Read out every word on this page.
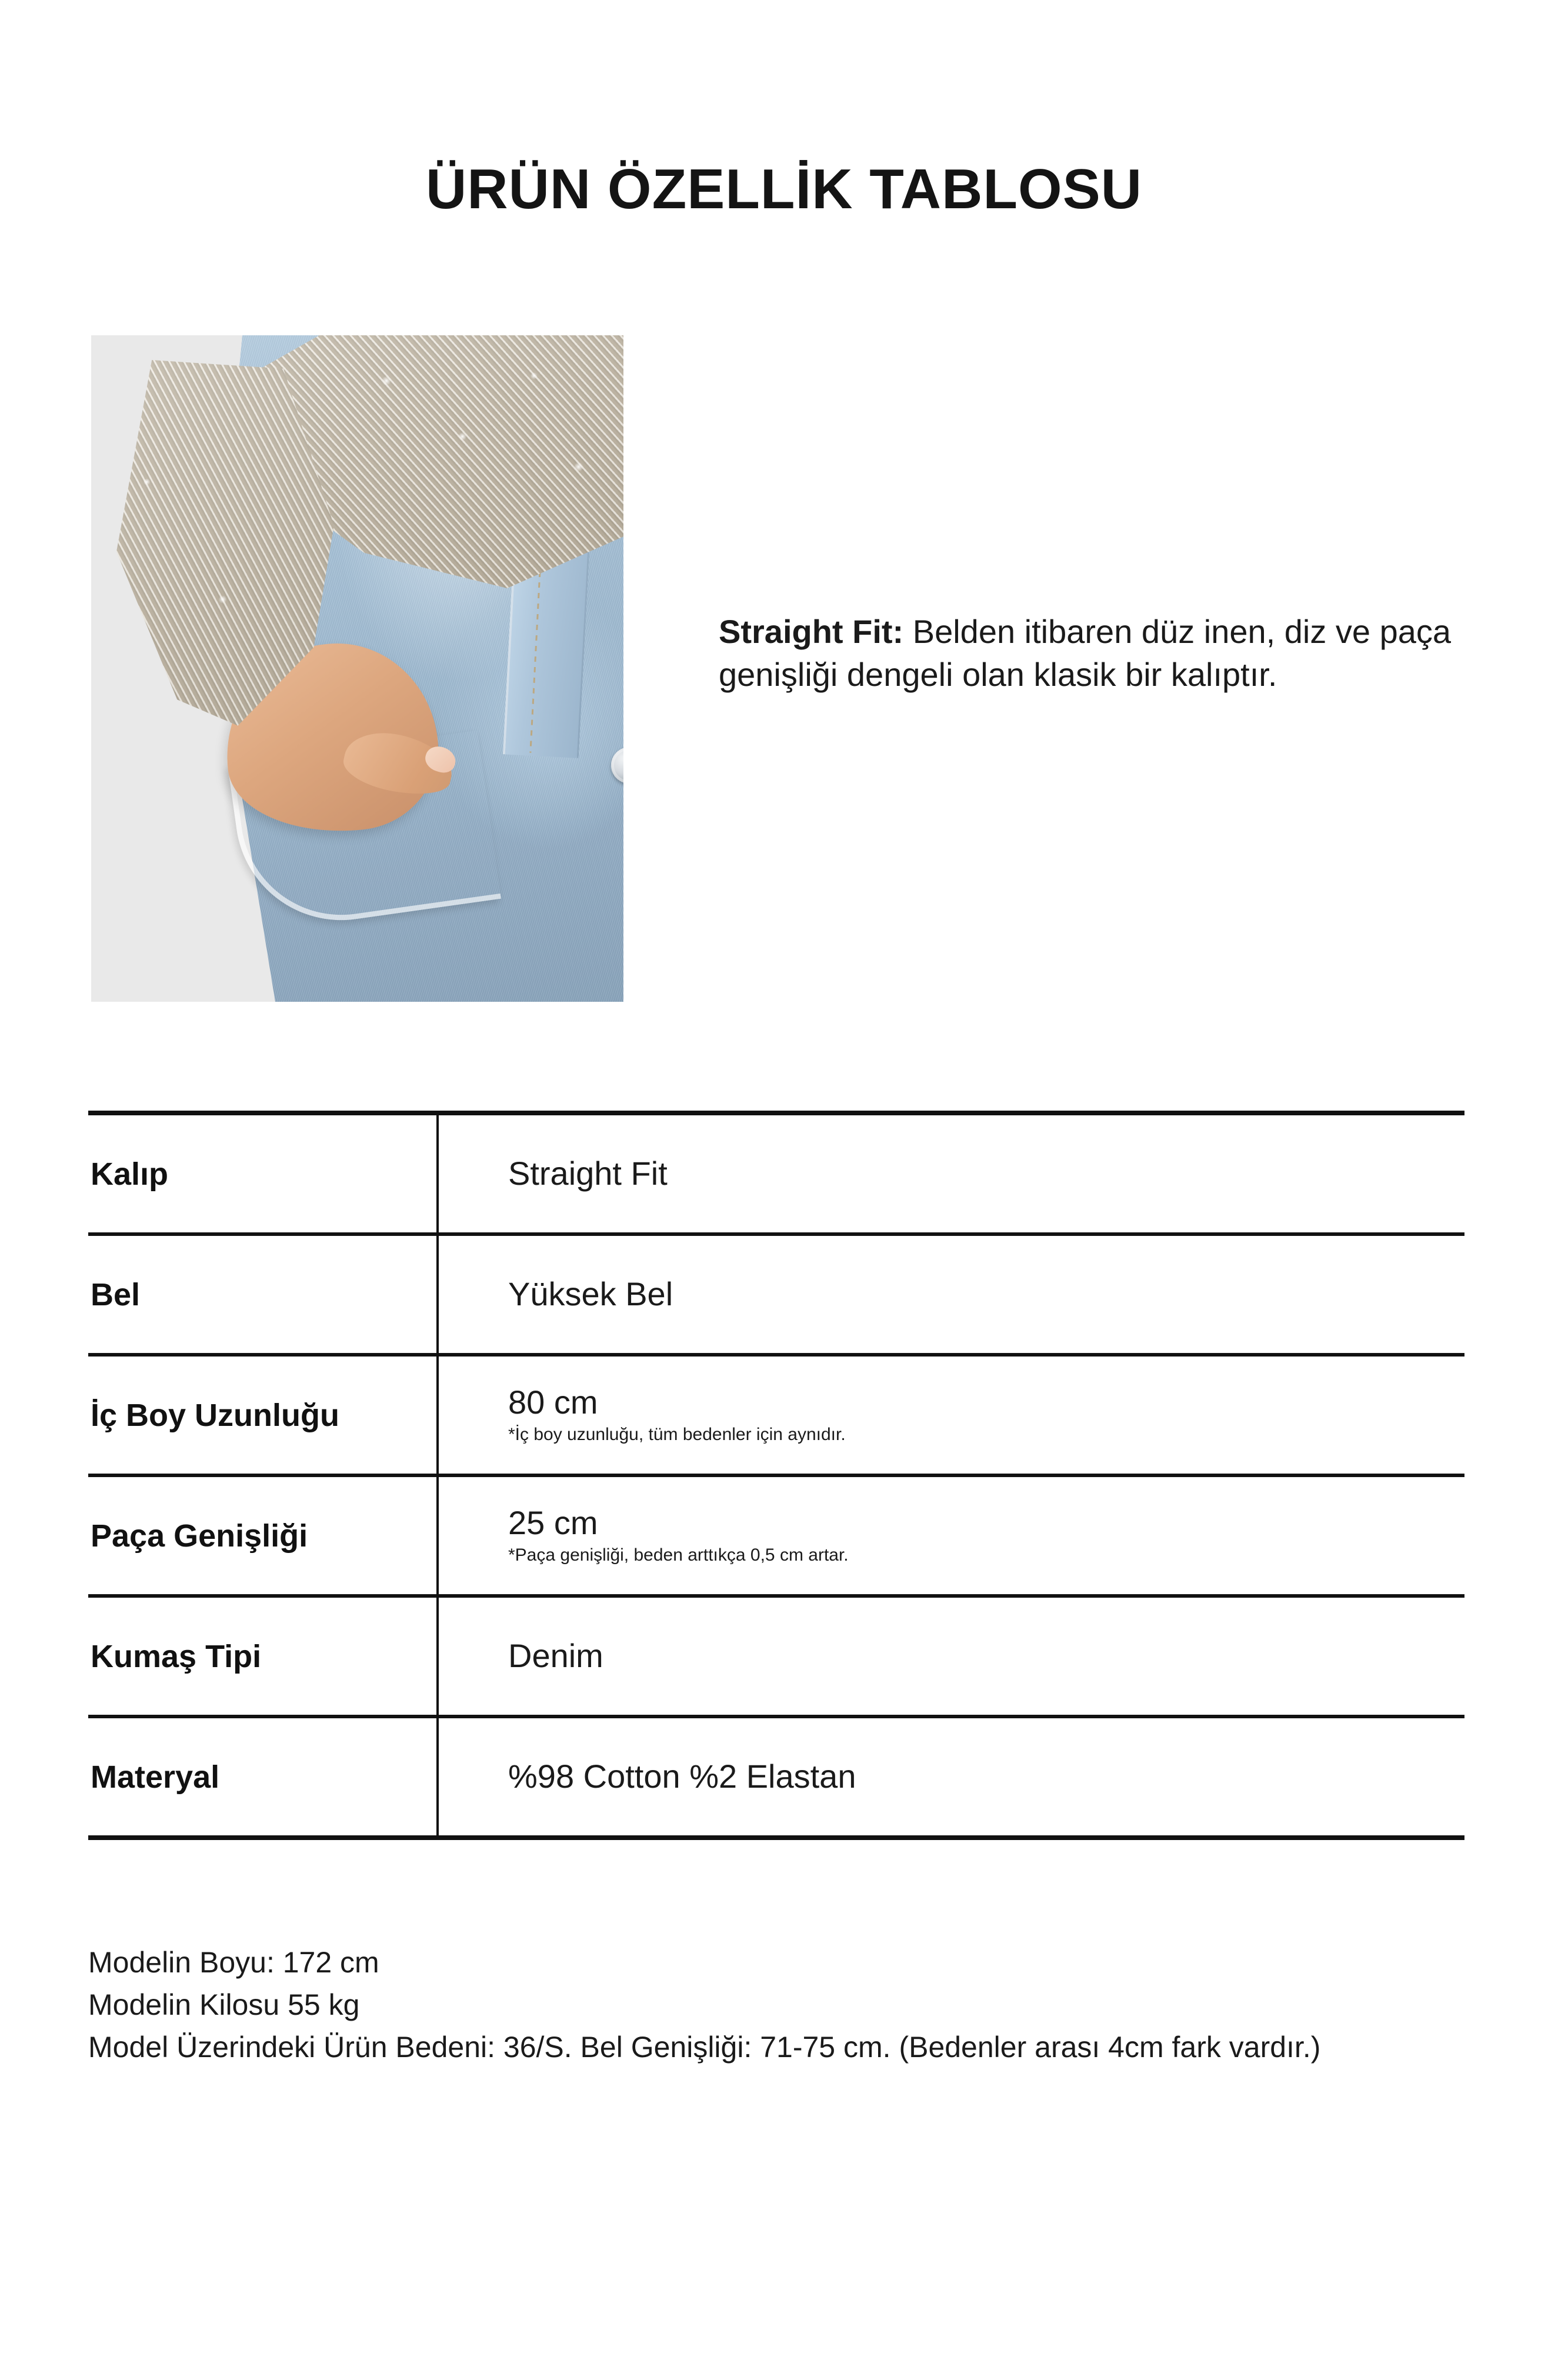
ÜRÜN ÖZELLİK TABLOSU

Straight Fit: Belden itibaren düz inen, diz ve paça genişliği dengeli olan klasik bir kalıptır.

Kalıp	Straight Fit

Bel	Yüksek Bel

İç Boy Uzunluğu	80 cm
*İç boy uzunluğu, tüm bedenler için aynıdır.

Paça Genişliği	25 cm
*Paça genişliği, beden arttıkça 0,5 cm artar.

Kumaş Tipi	Denim

Materyal	%98 Cotton %2 Elastan
Modelin Boyu: 172 cm
Modelin Kilosu 55 kg
Model Üzerindeki Ürün Bedeni: 36/S. Bel Genişliği: 71-75 cm. (Bedenler arası 4cm fark vardır.)
